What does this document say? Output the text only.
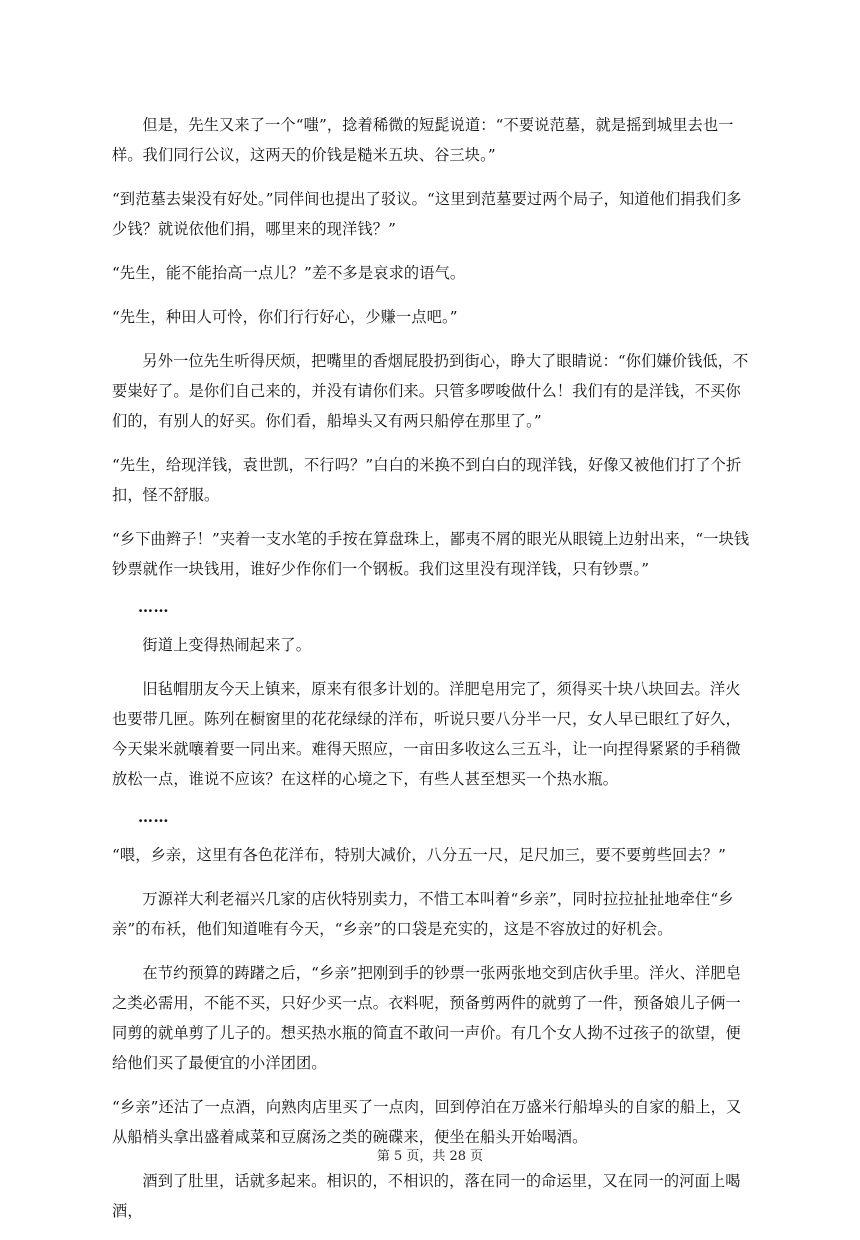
但是，先生又来了一个“嗤”，捻着稀微的短髭说道：“不要说范墓，就是摇到城里去也一样。我们同行公议，这两天的价钱是糙米五块、谷三块。”

“到范墓去粜没有好处。”同伴间也提出了驳议。“这里到范墓要过两个局子，知道他们捐我们多少钱？就说依他们捐，哪里来的现洋钱？”

“先生，能不能抬高一点儿？”差不多是哀求的语气。

“先生，种田人可怜，你们行行好心，少赚一点吧。”

另外一位先生听得厌烦，把嘴里的香烟屁股扔到街心，睁大了眼睛说：“你们嫌价钱低，不要粜好了。是你们自己来的，并没有请你们来。只管多啰唆做什么！我们有的是洋钱，不买你们的，有别人的好买。你们看，船埠头又有两只船停在那里了。”

“先生，给现洋钱，袁世凯，不行吗？”白白的米换不到白白的现洋钱，好像又被他们打了个折扣，怪不舒服。

“乡下曲辫子！”夹着一支水笔的手按在算盘珠上，鄙夷不屑的眼光从眼镜上边射出来，“一块钱钞票就作一块钱用，谁好少作你们一个钢板。我们这里没有现洋钱，只有钞票。”

……

街道上变得热闹起来了。

旧毡帽朋友今天上镇来，原来有很多计划的。洋肥皂用完了，须得买十块八块回去。洋火也要带几匣。陈列在橱窗里的花花绿绿的洋布，听说只要八分半一尺，女人早已眼红了好久，今天粜米就嚷着要一同出来。难得天照应，一亩田多收这么三五斗，让一向捏得紧紧的手稍微放松一点，谁说不应该？在这样的心境之下，有些人甚至想买一个热水瓶。

……

“喂，乡亲，这里有各色花洋布，特别大减价，八分五一尺，足尺加三，要不要剪些回去？”

万源祥大利老福兴几家的店伙特别卖力，不惜工本叫着“乡亲”，同时拉拉扯扯地牵住“乡亲”的布袄，他们知道唯有今天，“乡亲”的口袋是充实的，这是不容放过的好机会。

在节约预算的踌躇之后，“乡亲”把刚到手的钞票一张两张地交到店伙手里。洋火、洋肥皂之类必需用，不能不买，只好少买一点。衣料呢，预备剪两件的就剪了一件，预备娘儿子俩一同剪的就单剪了儿子的。想买热水瓶的简直不敢问一声价。有几个女人拗不过孩子的欲望，便给他们买了最便宜的小洋团团。

“乡亲”还沽了一点酒，向熟肉店里买了一点肉，回到停泊在万盛米行船埠头的自家的船上，又从船梢头拿出盛着咸菜和豆腐汤之类的碗碟来，便坐在船头开始喝酒。

酒到了肚里，话就多起来。相识的，不相识的，落在同一的命运里，又在同一的河面上喝酒，

第 5 页，共 28 页
